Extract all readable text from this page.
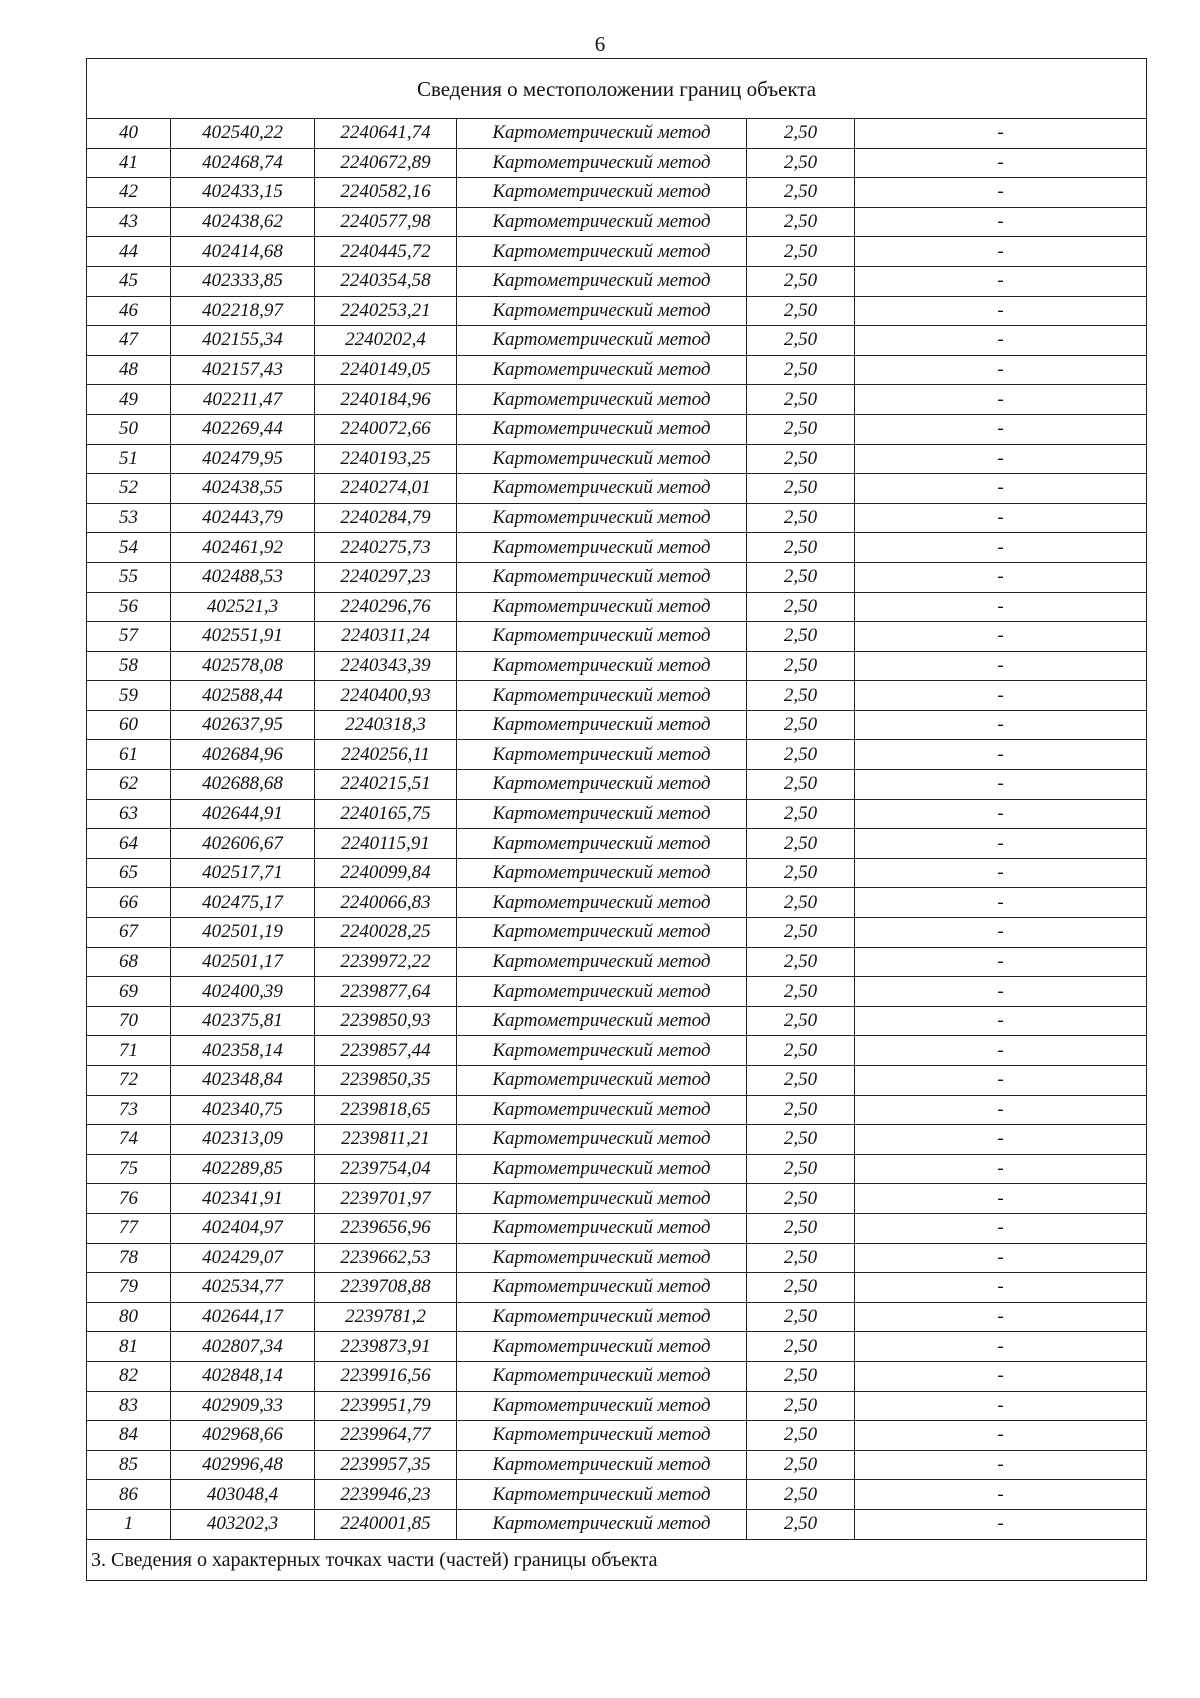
6
Сведения о местоположении границ объекта					
40	402540,22	2240641,74	Картометрический метод	2,50	-
41	402468,74	2240672,89	Картометрический метод	2,50	-
42	402433,15	2240582,16	Картометрический метод	2,50	-
43	402438,62	2240577,98	Картометрический метод	2,50	-
44	402414,68	2240445,72	Картометрический метод	2,50	-
45	402333,85	2240354,58	Картометрический метод	2,50	-
46	402218,97	2240253,21	Картометрический метод	2,50	-
47	402155,34	2240202,4	Картометрический метод	2,50	-
48	402157,43	2240149,05	Картометрический метод	2,50	-
49	402211,47	2240184,96	Картометрический метод	2,50	-
50	402269,44	2240072,66	Картометрический метод	2,50	-
51	402479,95	2240193,25	Картометрический метод	2,50	-
52	402438,55	2240274,01	Картометрический метод	2,50	-
53	402443,79	2240284,79	Картометрический метод	2,50	-
54	402461,92	2240275,73	Картометрический метод	2,50	-
55	402488,53	2240297,23	Картометрический метод	2,50	-
56	402521,3	2240296,76	Картометрический метод	2,50	-
57	402551,91	2240311,24	Картометрический метод	2,50	-
58	402578,08	2240343,39	Картометрический метод	2,50	-
59	402588,44	2240400,93	Картометрический метод	2,50	-
60	402637,95	2240318,3	Картометрический метод	2,50	-
61	402684,96	2240256,11	Картометрический метод	2,50	-
62	402688,68	2240215,51	Картометрический метод	2,50	-
63	402644,91	2240165,75	Картометрический метод	2,50	-
64	402606,67	2240115,91	Картометрический метод	2,50	-
65	402517,71	2240099,84	Картометрический метод	2,50	-
66	402475,17	2240066,83	Картометрический метод	2,50	-
67	402501,19	2240028,25	Картометрический метод	2,50	-
68	402501,17	2239972,22	Картометрический метод	2,50	-
69	402400,39	2239877,64	Картометрический метод	2,50	-
70	402375,81	2239850,93	Картометрический метод	2,50	-
71	402358,14	2239857,44	Картометрический метод	2,50	-
72	402348,84	2239850,35	Картометрический метод	2,50	-
73	402340,75	2239818,65	Картометрический метод	2,50	-
74	402313,09	2239811,21	Картометрический метод	2,50	-
75	402289,85	2239754,04	Картометрический метод	2,50	-
76	402341,91	2239701,97	Картометрический метод	2,50	-
77	402404,97	2239656,96	Картометрический метод	2,50	-
78	402429,07	2239662,53	Картометрический метод	2,50	-
79	402534,77	2239708,88	Картометрический метод	2,50	-
80	402644,17	2239781,2	Картометрический метод	2,50	-
81	402807,34	2239873,91	Картометрический метод	2,50	-
82	402848,14	2239916,56	Картометрический метод	2,50	-
83	402909,33	2239951,79	Картометрический метод	2,50	-
84	402968,66	2239964,77	Картометрический метод	2,50	-
85	402996,48	2239957,35	Картометрический метод	2,50	-
86	403048,4	2239946,23	Картометрический метод	2,50	-
1	403202,3	2240001,85	Картометрический метод	2,50	-
3. Сведения о характерных точках части (частей) границы объекта					
